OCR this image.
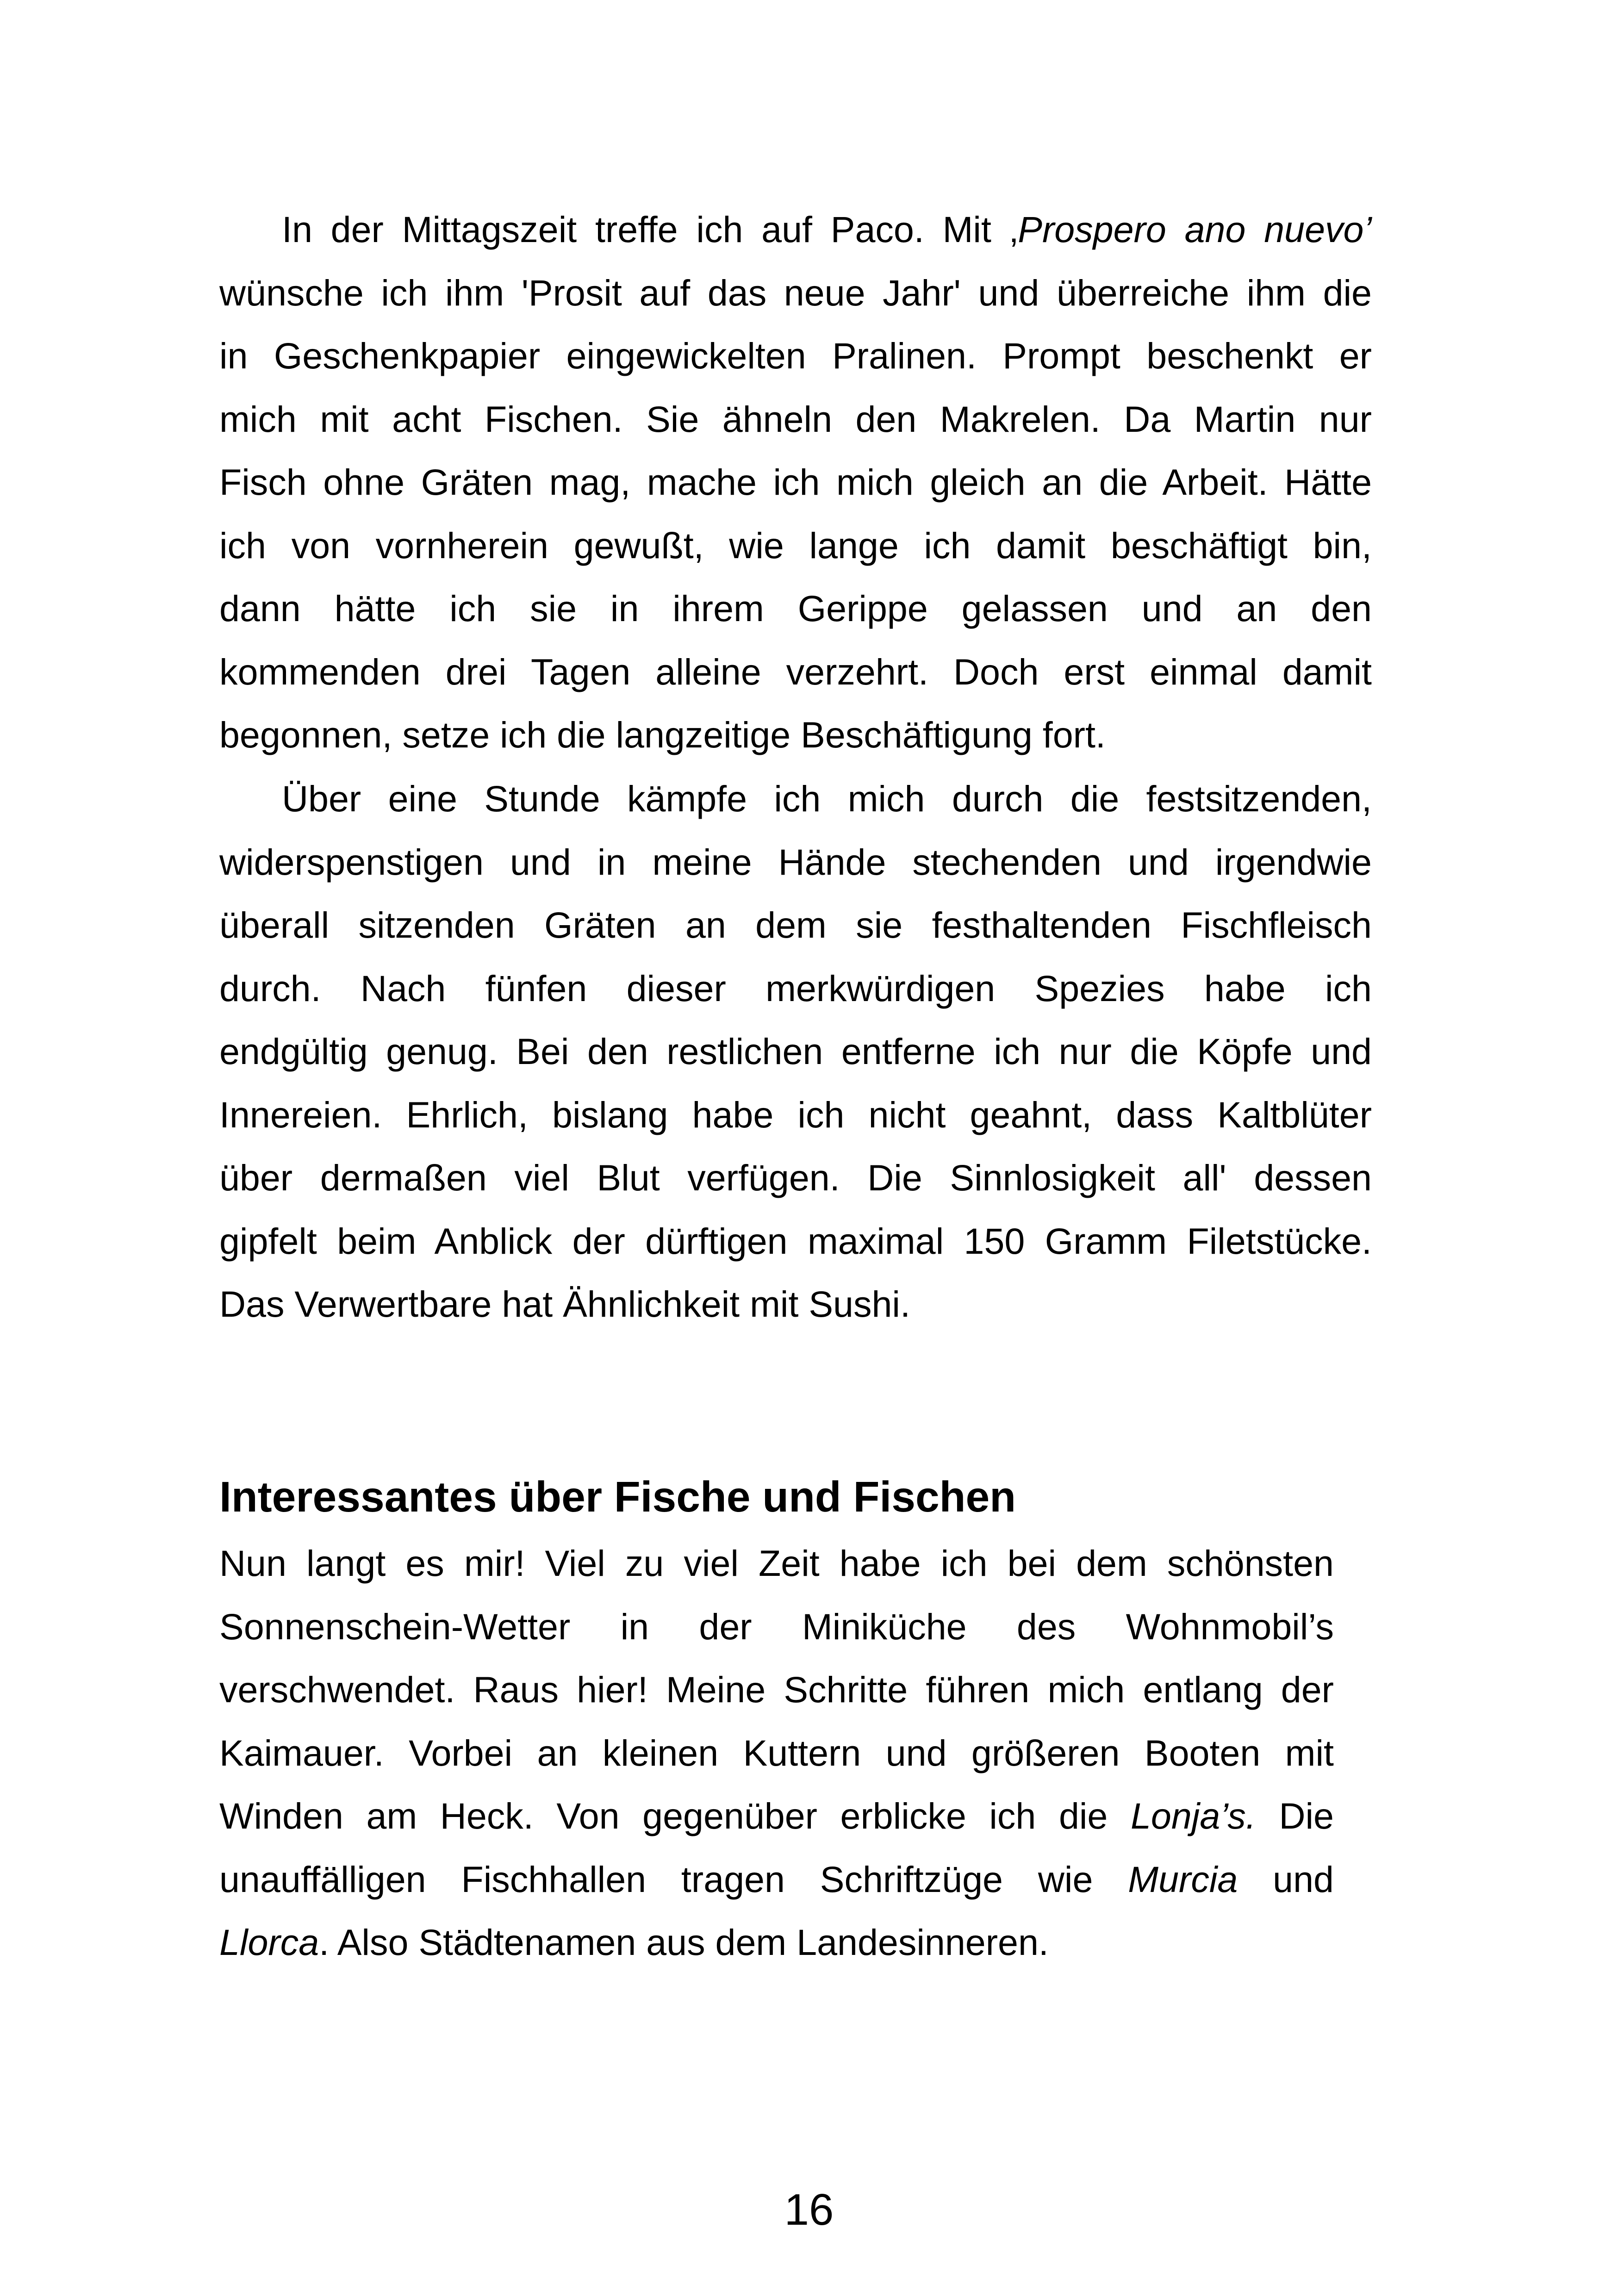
In der Mittagszeit treffe ich auf Paco. Mit ‚Prospero ano nuevo’
wünsche ich ihm 'Prosit auf das neue Jahr' und überreiche ihm die
in Geschenkpapier eingewickelten Pralinen. Prompt beschenkt er
mich mit acht Fischen. Sie ähneln den Makrelen. Da Martin nur
Fisch ohne Gräten mag, mache ich mich gleich an die Arbeit. Hätte
ich von vornherein gewußt, wie lange ich damit beschäftigt bin,
dann hätte ich sie in ihrem Gerippe gelassen und an den
kommenden drei Tagen alleine verzehrt. Doch erst einmal damit
begonnen, setze ich die langzeitige Beschäftigung fort.
Über eine Stunde kämpfe ich mich durch die festsitzenden,
widerspenstigen und in meine Hände stechenden und irgendwie
überall sitzenden Gräten an dem sie festhaltenden Fischfleisch
durch. Nach fünfen dieser merkwürdigen Spezies habe ich
endgültig genug. Bei den restlichen entferne ich nur die Köpfe und
Innereien. Ehrlich, bislang habe ich nicht geahnt, dass Kaltblüter
über dermaßen viel Blut verfügen. Die Sinnlosigkeit all' dessen
gipfelt beim Anblick der dürftigen maximal 150 Gramm Filetstücke.
Das Verwertbare hat Ähnlichkeit mit Sushi.
Interessantes über Fische und Fischen
Nun langt es mir! Viel zu viel Zeit habe ich bei dem schönsten
Sonnenschein-Wetter in der Miniküche des Wohnmobil’s
verschwendet. Raus hier! Meine Schritte führen mich entlang der
Kaimauer. Vorbei an kleinen Kuttern und größeren Booten mit
Winden am Heck. Von gegenüber erblicke ich die Lonja’s. Die
unauffälligen Fischhallen tragen Schriftzüge wie Murcia und
Llorca. Also Städtenamen aus dem Landesinneren.
16
